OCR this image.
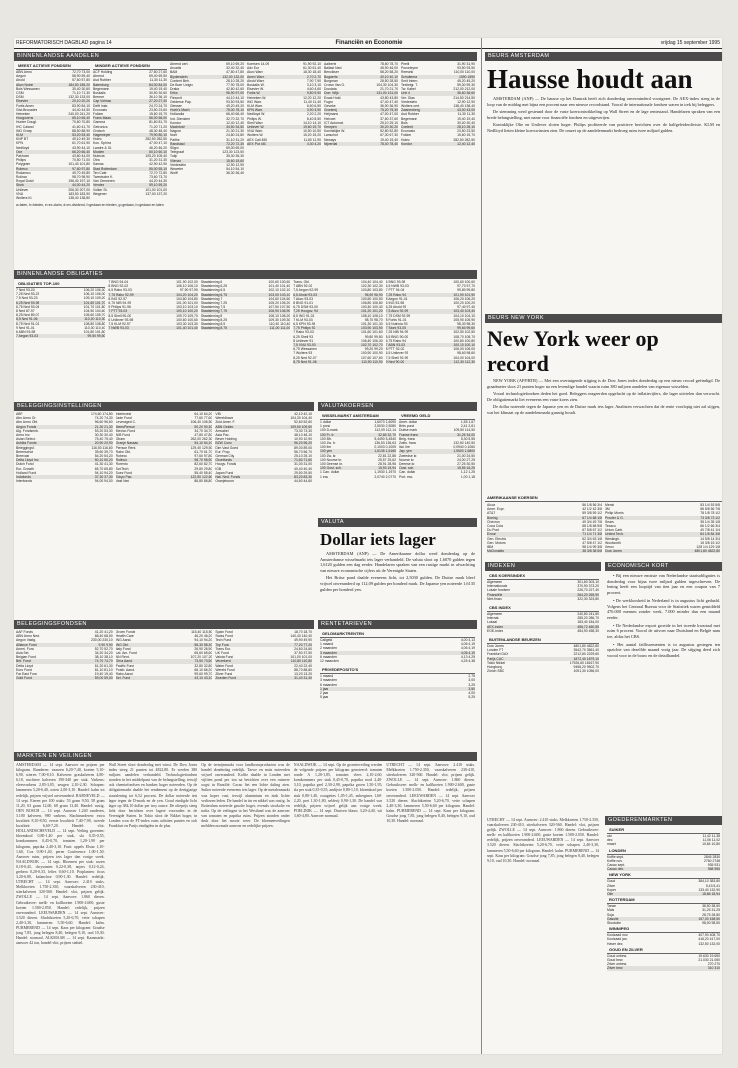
REFORMATORISCH DAGBLAD pagina 14	Financiën en Economie	vrijdag 15 september 1995
BINNENLANDSE AANDELEN
MEEST ACTIEVE FONDSEN
ABN Amro	72,70 73,00
Aegon	58,90 59,40
Ahold	57,60 57,80
Akzo Nobel	184,50 185,20
Bols Wessanen	30,40 30,60
CSM	71,10 71,30
DSM	132,30 133,00
Elsevier	20,10 20,20
Fortis Amev	83,90 84,10
Gist-Brocades	44,40 44,50
Heineken	240,00 241,20
Hoogovens	65,10 65,40
Hunter Dougl.	70,60 70,80
IHC Caland	41,60 41,70
ING Groep	88,50 88,90
KLM	53,20 53,40
KNP BT	49,10 49,30
KPN	61,70 61,90
Nedlloyd	43,90 44,10
Oce	66,20 66,40
Pakhoed	43,80 44,00
Philips	70,50 71,00
Polygram	101,40 101,80
Robeco	97,60 97,80
Rodamco	49,70 49,80
Rolinco	98,70 98,90
Royal Dutch	196,40 197,10
Stork	44,00 44,20
Unilever	206,30 207,00
VNU	183,50 183,90
Wolters Kl.	138,40 138,80
MINDER ACTIEVE FONDSEN
ACF Holding	27,60 27,60
Ahrend	69,40 69,50
Asd Rubber	11,30 11,30
Batenburg	84,00 84,00
Begemann	19,40 19,40
Boskalis	30,50 30,60
Bremer	36,10 36,10
Cap Volmac	27,20 27,30
Delft Instr.	24,70 24,70
Econosto	23,50 23,60
Fokker	15,60 15,70
Frans Maas	56,00 56,00
Gamma	81,60 81,70
Getronics	71,20 71,20
Grolsch	48,30 48,40
Hagemeyer	79,90 80,10
Holec	282,50 282,50
Kon. Sphinx	47,00 47,10
Landre & Gl.	46,20 46,20
Moolen	60,10 60,10
Nutricia	105,20 105,40
Otra	31,20 31,30
Samas	42,90 42,90
Stad Rotterdam	55,00 55,10
Ten Cate	72,70 72,80
Twentsche K.	73,60 73,70
Van Ommeren	44,20 44,30
Vendex	59,10 59,20
Volker St.	101,00 101,00
Wegener	137,00 137,20
Ahrend cert.	69,10 69,20
Arcadis	32,40 32,40
BAM	47,80 47,80
Blydenstein	132,00 132,00
Content Beh.	28,10 28,20
De Boer Unigro	77,90 78,00
Draka	42,60 42,60
Eriks	96,90 97,00
Flexovit	44,10 44,10
Gelderse Pap.	93,50 93,50
Giessen	49,20 49,20
Hoek's Mach.	78,00 78,10
Hollandia	66,40 66,40
Ind. Diensten	32,70 32,70
Kondor	12,40 12,40
Macintosh	34,50 34,50
Nagron	21,30 21,30
Norit	24,80 24,80
Palthe	31,10 31,20
Randstad	72,20 72,30
Sligro	69,00 69,00
Telegraaf	123,30 123,50
Tulip	35,30 35,30
Vilenzo	15,60 15,60
Vredestein	12,90 12,90
Weweler	54,10 54,10
Wolff	36,30 36,40
Koersen 14-09	91,90 92,10
Adv Eur	61,30 61,40
Akzo Warr.	18,30 18,40
Amev Warr.	2,70 2,70
Ahold Warr.	7,90 7,90
Boskalis W.	3,10 3,10
Elsevier W.	4,60 4,60
Fortis W.	9,80 9,90
Heineken W.	12,20 12,20
ING Warr.	11,40 11,40
KLM Warr.	6,50 6,50
KPN Warr.	3,90 3,90
Nedlloyd W.	2,20 2,20
Philips W.	8,40 8,50
Shell Warr.	14,10 14,10
Unilever W.	19,60 19,70
VNU Warr.	10,50 10,50
Wolters W.	15,20 15,20
AEX Call 450	11,80 11,90
AEX Put 440	4,30 4,20
Aalberts	78,60 78,70
Ballast Ned.	45,90 46,00
Benckiser	58,20 58,20
Bogaerts	40,10 40,10
Burgman	28,50 28,50
Crown Van G.	104,30 104,30
Docdata	21,70 21,70
Dorr. Wijk	131,00 131,00
Exact Hold.	43,80 43,80
Fugro	47,40 47,40
Geveke	36,90 36,90
Grontmij	75,20 75,30
Heijmans	47,00 47,00
Helvoet	37,60 37,60
ICT Automat.	25,10 25,10
Kempen	30,20 30,20
Koninklijke W.	52,80 52,80
Lanschot	67,30 67,30
Neways	19,40 19,40
Nijverdal	78,40 78,40
Pirelli	31,90 31,90
Porceleyne	93,50 93,50
Reesink	110,00 110,00
Schuitema	1590 1590
Smit Intern.	45,20 45,20
Textielgr. T.	59,30 59,30
Tw. Kabel	212,00 212,00
Unit 4	36,60 36,60
Ver. Glas	214,50 214,50
Vredestein	12,90 12,90
Wolters cert.	138,40 138,40
Zwanenberg	43,00 43,00
Asd Rubber	11,30 11,30
Begemann	19,40 19,40
Bols	30,40 30,40
Content	28,10 28,10
Econosto	23,50 23,50
Fokker	15,60 15,70
Holec	282,50 282,50
Kondor	12,40 12,40
a=laten, b=bieden, e=ex-claim, d=ex-dividend, f=gedaan en bieden, g=gedaan, h=gedaan en laten
BINNENLANDSE OBLIGATIES
OBLIGATIES TOP-100
7 Ned 93-03	106,20 106,30
7,25 Ned 93-23	106,10 106,00
7,5 Ned 93-23	109,10 109,20
6,25 Ned 93-98	101,60 101,70
6,75 Ned 93-04	101,70 101,80
8 Ned 87-97	104,50 104,60
8,25 Ned 89-07	105,60 105,70
8,5 Ned 91-06	110,20 110,30
8,75 Ned 91-01	108,80 108,80
9 Ned 91-01	110,30 110,40
6 ABN 93-98	101,80 101,80
7 Aegon 93-03	99,50 99,50
7 BNG 94-04	101,90 102,00
8 BNG 92-02	106,10 106,10
6,5 Rabo 93-03	97,90 97,90
7,75 Rabo 92-99	104,20 104,20
8 ING 92-97	104,80 104,80
6,75 NIB 94-99	101,00 101,00
9 Philips 91-96	103,10 103,10
7 PTT 93-03	100,10 100,20
8,5 Shell 90-00	109,70 109,70
6 Unilever 93-98	100,60 100,60
7,5 KLM 92-97	103,30 103,30
7 NWB 93-03	101,40 101,40
Staatslening 6	100,60 100,60
Staatslening 6,25	101,40 101,40
Staatslening 6,5	102,10 102,10
Staatslening 6,75	103,00 103,10
Staatslening 7	104,60 104,60
Staatslening 7,25	105,20 105,20
Staatslening 7,5	107,50 107,50
Staatslening 7,75	106,90 106,90
Staatslening 8	108,10 108,20
Staatslening 8,25	109,30 109,30
Staatslening 8,5	110,40 110,40
Staatslening 8,75	111,00 111,00
Trans. Obl.	104,40 104,40
7 ABN 92-02	102,30 102,30
7,5 Aegon 92-99	103,80 103,80
6,5 Ahold 93-03	96,90 96,90
7 Akzo 93-03	100,50 100,50
8 BNG 91-01	106,80 106,80
6,75 DSM 93-00	100,40 100,40
7,25 Hoogov. 94	101,20 101,20
8,5 ING 91-01	108,10 108,10
7 KLM 93-03	98,70 98,70
6,5 KPN 93-98	101,30 101,30
7,75 Philips 92	103,90 103,90
7 Rabo 93-03	101,60 101,60
6,25 Shell 93	99,80 99,80
8 Unilever 91	106,40 106,40
7,5 VNU 93-00	102,70 102,70
6,75 Wessanen	99,20 99,20
7 Wolters 93	100,90 100,90
8,25 Ned 92-07	107,60 107,60
8,75 Ned 91-06	110,90 110,90
6 BNG 93-98	100,60 100,60
6,5 NWB 93-03	97,70 97,70
7 PTT 94-04	99,80 99,80
7,25 Rabo 94	101,90 101,90
8 Aegon 91-01	106,20 106,20
6 ING 93-98	100,20 100,20
6,25 Ahold 93	97,40 97,40
7,5 Akzo 92-99	103,40 103,40
7,75 DSM 92-99	104,10 104,10
8 Fortis 91-01	105,90 105,90
6,5 Nutricia 93	98,30 98,30
7 Stork 93-00	99,60 99,60
7,25 NIB 94-99	102,50 102,50
8,5 BNG 90-00	108,70 108,70
6,75 Rabo 94	100,80 100,80
7 ABN 93-03	100,10 100,10
8 PTT 92-02	106,00 106,00
6,5 Unilever 93	98,60 98,60
7,5 Shell 92-99	104,00 104,00
9 Ned 90-00	112,30 112,30
BELEGGINGSINSTELLINGEN
ABF	174,60 174,80
Abn Amro Gr	74,20 74,30
Abn Amro Obl.	96,60 96,60
Aegon Fonds	21,30 21,30
Alg. Fondsenb.	53,20 53,30
Amro Inv.	30,30 30,40
Asian Select.	75,40 75,40
Ashika Fonds	20,90 20,90
Beleggingsf.	116,50 116,60
Berenschot	39,60 39,70
Breevast	54,20 54,20
Delta Lloyd Inv.	50,10 50,20
Dutch Fund	41,30 41,30
Eur. Growth	65,70 65,80
Holland Fund	94,10 94,20
Indofonds	37,30 37,30
Interbonds	94,00 94,00
Interinvest	64,10 64,20
Jade Fund	77,60 77,60
Leveraged C.	106,40 106,50
MeesPierson	90,20 90,30
Mexico Fund	34,70 34,70
NIB Fund	47,80 47,80
Obam	262,00 262,30
Oranje Nassau	54,10 54,10
Pierson Rent.	129,40 129,50
Rabo Obl.	61,70 61,70
Robeco	97,60 97,80
Rolinco	98,70 98,90
Rorento	82,60 82,70
Sci/Tech	29,80 29,80
Suez Fund	55,40 55,40
Tokyo Pac.	122,50 122,60
Vast Ned	86,80 86,80
VIB	42,10 42,10
Wereldhave	104,30 104,40
Zuid Amer. F.	52,60 52,60
ABN Geldm.	109,50 109,50
Amvabel	73,30 73,30
Asia Pac.	48,10 48,10
Bever Holding	10,90 10,90
BZW Conv.	96,20 96,20
Dim Vast Goed	89,00 89,00
Eur. Prop.	56,70 56,70
German City	25,10 25,10
Groeifonds	71,60 71,60
Hoogv. Fonds	31,00 31,00
IGB	40,40 40,40
Japan Fund	29,50 29,50
Nat. Ned. Fonds	83,20 83,30
Oranjeboom	44,60 44,60
VALUTAKOERSEN
WISSELMARKT AMSTERDAM
1 dollar	1,6070 1,6090
1 pond	2,5030 2,5080
100 D-mark	112,09 112,14
100 Fr. fr.	32,65 32,70
100 Bfr.	5,4490 5,4540
100 Zw. fr.	136,53 136,63
100 lire	0,1003 0,1005
100 yen	1,6135 1,6165
100 Zw. kr.	22,81 22,86
100 Noorse kr.	25,57 25,62
100 Deense kr.	28,91 28,96
100 Oost. sch.	15,93 15,94
1 Can. dollar	1,1930 1,1970
1 ecu	2,0740 2,0770
VREEMD GELD
Amer. dollar	1,55 1,67
Brits pond	2,41 2,61
Duitse mark	109,50 114,50
Franse franc	31,25 34,00
Belg. franc	5,30 5,55
Zwits. franc	132,50 140,50
Ital. lire	0,0940 0,1060
Jap. yen	1,5500 1,6800
Zweedse kr.	21,00 24,50
Noorse kr.	24,00 27,25
Deense kr.	27,25 30,50
Oost. sch.	15,55 16,25
Can. dollar	1,12 1,25
Port. esc.	1,00 1,18
VALUTA
Dollar iets lager

AMSTERDAM (ANP) — De Amerikaanse dollar werd donderdag op de Amsterdamse wisselmarkt iets lager verhandeld. De valuta sloot op 1,6070 gulden tegen 1,6120 gulden een dag eerder. Handelaren spraken van een rustige markt in afwachting van nieuwe economische cijfers uit de Verenigde Staten.

Het Britse pond daalde eveneens licht, tot 2,5030 gulden. De Duitse mark bleef vrijwel onveranderd op 112,09 gulden per honderd mark. De Japanse yen noteerde 1,6135 gulden per honderd yen.

BELEGGINGSFONDSEN
AAF Fonds	41,20 41,20
ABN Amro Ned.	68,40 68,50
Aegon Vastg.	230,00 230,10
Alliance Fund	9,90 9,90
Ameri. Fund	52,70 52,70
Asia Sel.	34,20 34,20
Belgian Fund	38,10 38,10
Brit. Fund	74,70 74,70
Delta Lloyd	61,20 61,30
Euro Fund	81,10 81,10
Far East Fund	19,40 19,40
Gold Fund	59,00 59,00
Groen Fonds	115,40 115,50
Health Care	46,20 46,20
ING Aand.	94,10 94,20
ING Obl.	58,30 58,30
Italy Fund	26,90 26,90
Lat. Am. Fund	65,60 65,60
NN Rent.	107,20 107,20
Ohra Aand.	73,50 73,50
Pacific Fund	32,80 32,80
Postb. Aand.	66,10 66,20
Rabo Aand.	99,60 99,70
Sel. Fund	43,10 43,10
Spain Fund	18,70 18,70
Swiss Fund	140,40 140,40
Tech Fund	49,90 49,90
Top Fund	77,20 77,20
Trans Eur.	24,60 24,60
UK Fund	37,50 37,50
Valuta Fund	101,00 101,00
Verzekerd	110,80 110,80
Water Fund	22,40 22,40
Wereld Fund	88,70 88,80
Zilver Fund	13,20 13,20
Zweden Fund	31,40 31,40
RENTETARIEVEN
GELDMARKTRENTEN
Callgeld	4,00 4,13
1 maand	4,06 4,19
2 maanden	4,06 4,19
3 maanden	4,06 4,19
6 maanden	4,13 4,25
12 maanden	4,25 4,38
PRIVEDEPOSITO'S
1 maand	2,75
3 maanden	3,00
6 maanden	3,25
1 jaar	3,50
2 jaar	4,00
5 jaar	5,25
MARKTEN EN VEILINGEN
AMSTERDAM — 14 sept. Aanvoer en prijzen per kilogram. Runderen: vaarzen 6,20-7,40, koeien 5,10-6,90, stieren 7,00-8,10. Kalveren: graskalveren 4,80-6,10, nuchtere kalveren 190-340 per stuk. Varkens: vleesvarkens 2,85-3,05, zeugen 2,10-2,30. Schapen: lammeren 5,20-6,40, ooien 2,00-3,10. Handel: kalm tot redelijk, prijzen vrijwel onveranderd. BARNEVELD — 14 sept. Eieren per 100 stuks: 53 gram 9,50, 58 gram 11,20, 63 gram 12,60, 68 gram 13,40. Handel: rustig. OEN BOSCH — 14 sept. Aanvoer 1.240 runderen, 3.100 kalveren, 980 varkens. Slachtrunderen: extra kwaliteit 8,10-8,50, eerste kwaliteit 7,40-7,90, tweede kwaliteit 6,60-7,20. Handel: vlot. HOLLANDSCHEVELD — 14 sept. Veiling groenten: bloemkool 0,80-1,40 per stuk, sla 0,35-0,55, komkommers 0,45-0,70, tomaten 1,20-1,90 per kilogram, paprika 2,40-3,10. Fruit: appels Elstar 1,10-1,60, Cox 0,90-1,40, peren Conference 1,00-1,50. Aanvoer ruim, prijzen iets lager dan vorige week. NAALDWIJK — 14 sept. Bloemen per stuk: rozen 0,18-0,45, chrysanten 0,22-0,38, anjers 0,12-0,24, gerbera 0,20-0,33, lelies 0,60-1,10. Potplanten: ficus 3,20-6,80, kalanchoe 0,90-1,30. Handel: redelijk. UTRECHT — 14 sept. Aanvoer: 2.410 stuks. Melkkoeien 1.750-2.350, vaarskalveren 230-410, stierkalveren 320-560. Handel: vlot, prijzen gelijk. ZWOLLE — 14 sept. Aanvoer: 1.860 dieren. Gebruiksvee: melk- en kalfkoeien 1.900-2.600, guste koeien 1.500-2.050. Handel: redelijk, prijzen onveranderd. LEEUWARDEN — 14 sept. Aanvoer: 3.520 dieren. Slachtkoeien 5,20-6,70, vette schapen 2,40-3,30, lammeren 5,50-6,60. Handel: kalm. PURMEREND — 14 sept. Kaas per kilogram: Goudse jong 7,85, jong belegen 8,40, belegen 9,10, oud 10,30. Handel: normaal. ALKMAAR — 14 sept. Kaasmarkt: aanvoer 42 ton, handel vlot, prijzen stabiel.
Wall Street sloot donderdag met winst. De Dow Jones index steeg 21 punten tot 4822,80. Er werden 380 miljoen aandelen verhandeld. Technologiefondsen stonden in het middelpunt van de belangstelling, terwijl ook chemiefondsen en banken hoger noteerden. Op de obligatiemarkt daalde het rendement op de dertigjarige staatslening tot 6,52 procent. De dollar noteerde iets lager tegen de D-mark en de yen. Goud eindigde licht lager op 384,10 dollar per troy ounce. De olieprijs steeg licht door berichten over lagere voorraden in de Verenigde Staten. In Tokio sloot de Nikkei hoger, in Londen won de FT-index ruim achttien punten en ook Frankfurt en Parijs eindigden in de plus.
Op de termijnmarkt voor landbouwproducten was de handel donderdag redelijk. Tarwe en maïs noteerden vrijwel onveranderd. Koffie daalde in Londen met vijftien pond per ton na berichten over een ruimere oogst in Brazilië. Cacao liet een lichte daling zien. Suiker noteerde eveneens iets lager. Op de metalenmarkt was koper vast, terwijl aluminium en zink lichte verliezen leden. De handel in tin en nikkel was rustig. In Rotterdam noteerde gasolie hoger, evenals stookolie en nafta. Op de veilingen in het Westland was de aanvoer van tomaten en paprika ruim. Prijzen stonden onder druk door het mooie weer. De bloemenveilingen meldden normale aanvoer en redelijke prijzen.
NAALDWIJK — 14 sept. Op de groenteveiling werden de volgende prijzen per kilogram genoteerd: tomaten ronde A 1,20-1,85, tomaten vlees 2,10-2,60, komkommers per stuk 0,45-0,70, paprika rood 2,40-3,10, paprika geel 2,30-2,90, paprika groen 1,50-1,95, sla per stuk 0,35-0,55, andijvie 0,80-1,10, bloemkool per stuk 0,80-1,40, courgettes 1,05-1,45, aubergines 1,60-2,20, prei 1,30-1,80, selderij 0,90-1,30. De handel was redelijk, prijzen vrijwel gelijk aan vorige week. POELDIJK — 14 sept. Druiven blauw 3,20-4,40, wit 3,60-4,80. Aanvoer normaal.
UTRECHT — 14 sept. Aanvoer: 2.410 stuks. Melkkoeien 1.750-2.350, vaarskalveren 230-410, stierkalveren 320-560. Handel: vlot, prijzen gelijk. ZWOLLE — 14 sept. Aanvoer: 1.860 dieren. Gebruiksvee: melk- en kalfkoeien 1.900-2.600, guste koeien 1.500-2.050. Handel: redelijk, prijzen onveranderd. LEEUWARDEN — 14 sept. Aanvoer 3.520 dieren. Slachtkoeien 5,20-6,70, vette schapen 2,40-3,30, lammeren 5,50-6,60 per kilogram. Handel: kalm. PURMEREND — 14 sept. Kaas per kilogram: Goudse jong 7,85, jong belegen 8,40, belegen 9,10, oud 10,30. Handel: normaal.
BEURS AMSTERDAM
Hausse houdt aan

AMSTERDAM (ANP) — De hausse op het Damrak heeft zich donderdag onverminderd voortgezet. De AEX-index steeg in de loop van de middag met bijna een procent naar een nieuwe recordstand. Vooral de internationale fondsen waren in trek bij beleggers.

De stemming werd gesteund door de vaste koersontwikkeling op Wall Street en de lage rentestand. Handelaren spraken van een brede belangstelling, met name voor financiële fondsen en uitgeverijen.

Koninklijke Olie en Unilever sloten hoger. Philips profiteerde van positieve berichten over de halfgeleiderdivisie. KLM en Nedlloyd lieten kleine koerswinsten zien. De omzet op de aandelenmarkt bedroeg ruim twee miljard gulden.

BEURS NEW YORK
New York weer op record

NEW YORK (AFP/RTR) — Met een overtuigende stijging is de Dow Jones index donderdag op een nieuw record geëindigd. De graadmeter sloot 21 punten hoger na een levendige handel waarin ruim 380 miljoen aandelen van eigenaar wisselden.

Vooral technologiefondsen deden het goed. Beleggers reageerden opgelucht op de inflatiecijfers, die lager uitvielen dan verwacht. De obligatiemarkt liet eveneens een vaste koers zien.

De dollar noteerde tegen de Japanse yen en de Duitse mark iets lager. Analisten verwachten dat de rente voorlopig niet zal stijgen, wat het klimaat op de aandelenmarkt gunstig houdt.

AMERIKAANSE KOERSEN
Alcoa	56 1/8 56 3/4
Amer. Expr.	42 1/2 42 3/8
AT&T	59 3/8 59 1/2
Boeing	67 1/4 68 1/8
Chevron	49 3/4 49 7/8
Coca Cola	68 1/8 68 5/8
Du Pont	67 5/8 67 1/2
Exxon	71 1/4 71 3/8
Gen. Electric	62 3/4 63 1/8
Gen. Motors	47 5/8 47 1/2
IBM	98 1/4 99 3/8
McDonalds	38 3/8 38 5/8
Merck	53 1/4 53 5/8
3M	56 5/8 56 7/8
Philip Morris	78 1/8 78 1/2
Procter & G.	73 3/8 73 1/2
Sears	35 1/4 35 1/8
Texaco	66 1/2 66 3/4
Union Carb.	40 7/8 41 1/4
United Tech.	84 1/8 84 3/8
Westingh.	14 5/8 14 3/4
Woolworth	15 3/8 15 1/2
Xerox	128 1/4 129 1/8
Dow Jones	4801,80 4822,80
INDEXEN
CBS KOERSINDEX
Algemeen	301,60 303,10
Internationals	370,90 373,20
Lokale fondsen	226,70 227,40
Financiële	264,20 265,90
Niet-finan.	322,30 323,80
CBS INDEX
Algemeen	240,80 241,80
Internat.	285,20 286,70
Lokaal	183,40 184,00
AEX-index	456,72 460,55
EOE-index	454,90 458,30
BUITENLANDSE BEURZEN
Dow Jones	4801,80 4822,80
Londen FT	3542,70 3561,40
Frankfurt DAX	2212,80 2229,60
Parijs CAC	1872,40 1879,10
Tokio Nikkei	17926,60 18167,90
Hongkong	9456,20 9502,70
Zürich SBC	1051,30 1056,00
ECONOMISCH KORT

• Bij een nieuwe emissie van Nederlandse staatsobligaties is donderdag voor bijna twee miljard gulden ingeschreven. De lening heeft een looptijd van tien jaar en een coupon van 7 procent.

• De werkloosheid in Nederland is in augustus licht gedaald. Volgens het Centraal Bureau voor de Statistiek waren gemiddeld 476.000 mensen zonder werk, 7.000 minder dan een maand eerder.

• De Nederlandse export groeide in het tweede kwartaal met ruim 6 procent. Vooral de uitvoer naar Duitsland en België nam toe, aldus het CBS.

• Het aantal faillissementen is in augustus gestegen ten opzichte van dezelfde maand vorig jaar. De stijging deed zich vooral voor in de bouw en de detailhandel.

GOEDERENMARKTEN
SUIKER
okt.	11,42 11,38
dec.	11,06 11,02
maart	10,84 10,80
LONDEN
Koffie sept.	2845 2830
Koffie nov.	2760 2748
Cacao sept.	935 931
Cacao dec.	958 955
NEW YORK
Goud	384,10 383,80
Zilver	5,43 5,41
Koper	133,40 132,90
Olie	18,86 18,94
ROTTERDAM
Tarwe	38,50 38,50
Mais	31,25 31,25
Soja	28,75 28,80
Gasolie	157,00 158,50
Stookolie	98,00 98,50
WINNIPEG
Koolzaad nov.	407,90 408,70
Koolzaad jan.	416,20 417,00
Haver dec.	132,50 132,00
GOUD EN ZILVER
Goud onbew.	19.630 19.650
Goud bew.	21.030 21.050
Zilver onbew.	270 270
Zilver bew.	310 310
UTRECHT — 14 sept. Aanvoer: 2.410 stuks. Melkkoeien 1.750-2.350, vaarskalveren 230-410, stierkalveren 320-560. Handel: vlot, prijzen gelijk. ZWOLLE — 14 sept. Aanvoer: 1.860 dieren. Gebruiksvee: melk- en kalfkoeien 1.900-2.600, guste koeien 1.500-2.050. Handel: redelijk, prijzen onveranderd. LEEUWARDEN — 14 sept. Aanvoer 3.520 dieren. Slachtkoeien 5,20-6,70, vette schapen 2,40-3,30, lammeren 5,50-6,60 per kilogram. Handel: kalm. PURMEREND — 14 sept. Kaas per kilogram: Goudse jong 7,85, jong belegen 8,40, belegen 9,10, oud 10,30. Handel: normaal.
